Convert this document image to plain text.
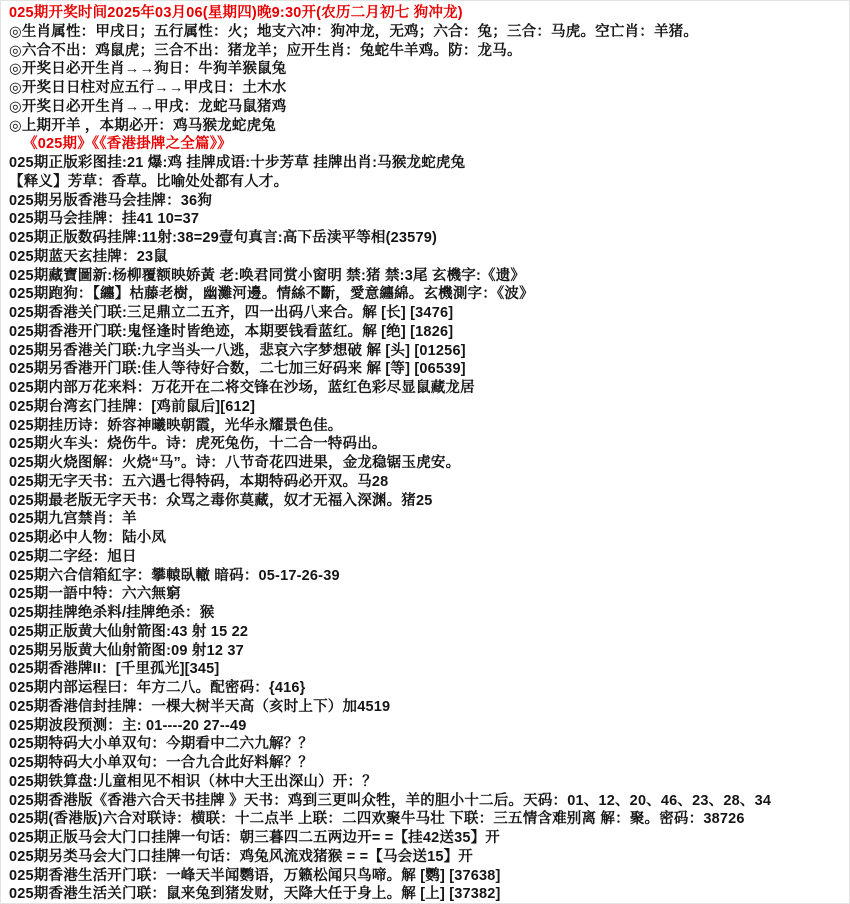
025期开奖时间2025年03月06(星期四)晚9:30开(农历二月初七 狗冲龙)
◎生肖属性：甲戌日；五行属性：火；地支六冲：狗冲龙，无鸡；六合：兔；三合：马虎。空亡肖：羊猪。
◎六合不出：鸡鼠虎；三合不出：猪龙羊；应开生肖：兔蛇牛羊鸡。防：龙马。
◎开奖日必开生肖→→狗日：牛狗羊猴鼠兔
◎开奖日日柱对应五行→→甲戌日：土木水
◎开奖日必开生肖→→甲戌：龙蛇马鼠猪鸡
◎上期开羊 ，本期必开：鸡马猴龙蛇虎兔
《025期》《《香港掛牌之全篇》》
025期正版彩图挂:21 爆:鸡 挂牌成语:十步芳草 挂牌出肖:马猴龙蛇虎兔
【释义】芳草：香草。比喻处处都有人才。
025期另版香港马会挂牌：36狗
025期马会挂牌：挂41 10=37
025期正版数码挂牌:11射:38=29壹句真言:高下岳渎平等相(23579)
025期蓝天玄挂牌：23鼠
025期藏寶圖新:杨柳覆额映娇黃 老:唤君同赏小窗明 禁:猪 禁:3尾 玄機字:《遗》
025期跑狗：【纏】枯藤老樹，幽灘河邊。情絲不斷，愛意纏綿。玄機測字：《波》
025期香港关门联:三足鼎立二五齐，四一出码八来合。解 [长] [3476]
025期香港开门联:鬼怪逢时皆绝迹，本期要钱看蓝红。解 [绝] [1826]
025期另香港关门联:九字当头一八逃，悲哀六字梦想破 解 [头] [01256]
025期另香港开门联:佳人等待好合数，二七加三好码来 解 [等] [06539]
025期内部万花来料：万花开在二将交锋在沙场，蓝红色彩尽显鼠藏龙居
025期台湾玄门挂牌：[鸡前鼠后][612]
025期挂历诗：娇容神曦映朝霞，光华永耀景色佳。
025期火车头：烧伤牛。诗：虎死兔伤，十二合一特码出。
025期火烧图解：火烧“马”。诗：八节奇花四进果，金龙稳锯玉虎安。
025期无字天书：五六遇七得特码，本期特码必开双。马28
025期最老版无字天书：众骂之毒你莫藏，奴才无福入深渊。猪25
025期九宫禁肖：羊
025期必中人物：陆小凤
025期二字经：旭日
025期六合信箱紅字：攀轅臥轍 暗码：05-17-26-39
025期一語中特：六六無窮
025期挂牌绝杀料/挂牌绝杀：猴
025期正版黄大仙射箭图:43 射 15 22
025期另版黄大仙射箭图:09 射12 37
025期香港牌II：[千里孤光][345]
025期内部运程曰：年方二八。配密码：{416}
025期香港信封挂牌：一棵大树半天高（亥时上下）加4519
025期波段预测：主: 01----20 27--49
025期特码大小单双句：今期看中二六九解？？
025期特码大小单双句：一合九合此好料解？？
025期铁算盘:儿童相见不相识（林中大王出深山）开：？
025期香港版《香港六合天书挂牌 》天书：鸡到三更叫众牲，羊的胆小十二后。天码：01、12、20、46、23、28、34
025期(香港版)六合对联诗：横联：十二点半 上联：二四欢聚牛马壮 下联：三五情含难别离 解：聚。密码：38726
025期正版马会大门口挂牌一句话：朝三暮四二五两边开= =【挂42送35】开
025期另类马会大门口挂牌一句话：鸡兔风流戏猪猴 = =【马会送15】开
025期香港生活开门联：一峰天半闻鹦语，万籁松闻只鸟啼。解 [鹦] [37638]
025期香港生活关门联：鼠来兔到猪发财，天降大任于身上。解 [上] [37382]
